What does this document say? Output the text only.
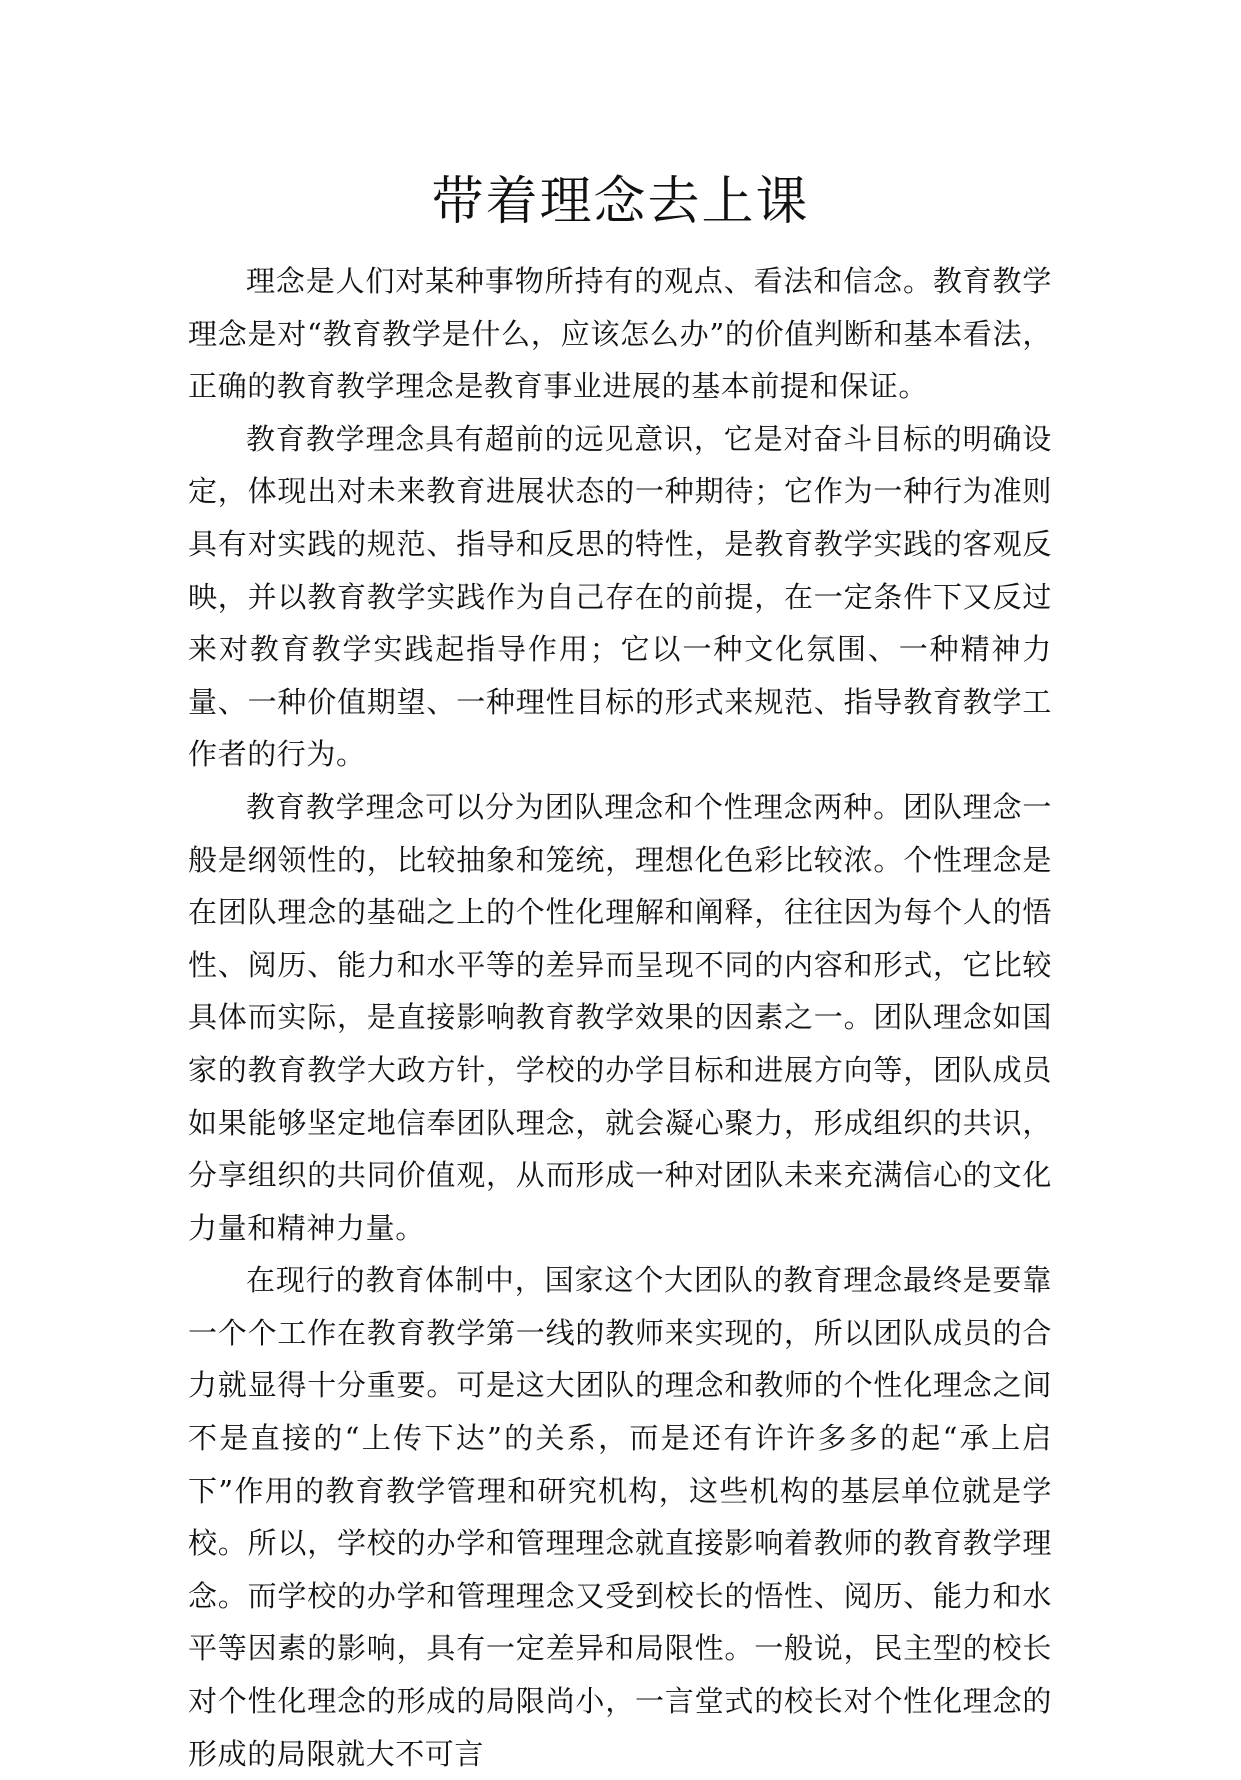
带着理念去上课

理念是人们对某种事物所持有的观点、看法和信念。教育教学理念是对“教育教学是什么，应该怎么办”的价值判断和基本看法，正确的教育教学理念是教育事业进展的基本前提和保证。

教育教学理念具有超前的远见意识，它是对奋斗目标的明确设定，体现出对未来教育进展状态的一种期待；它作为一种行为准则具有对实践的规范、指导和反思的特性，是教育教学实践的客观反映，并以教育教学实践作为自己存在的前提，在一定条件下又反过来对教育教学实践起指导作用；它以一种文化氛围、一种精神力量、一种价值期望、一种理性目标的形式来规范、指导教育教学工作者的行为。

教育教学理念可以分为团队理念和个性理念两种。团队理念一般是纲领性的，比较抽象和笼统，理想化色彩比较浓。个性理念是在团队理念的基础之上的个性化理解和阐释，往往因为每个人的悟性、阅历、能力和水平等的差异而呈现不同的内容和形式，它比较具体而实际，是直接影响教育教学效果的因素之一。团队理念如国家的教育教学大政方针，学校的办学目标和进展方向等，团队成员如果能够坚定地信奉团队理念，就会凝心聚力，形成组织的共识，分享组织的共同价值观，从而形成一种对团队未来充满信心的文化力量和精神力量。

在现行的教育体制中，国家这个大团队的教育理念最终是要靠一个个工作在教育教学第一线的教师来实现的，所以团队成员的合力就显得十分重要。可是这大团队的理念和教师的个性化理念之间不是直接的“上传下达”的关系，而是还有许许多多的起“承上启下”作用的教育教学管理和研究机构，这些机构的基层单位就是学校。所以，学校的办学和管理理念就直接影响着教师的教育教学理念。而学校的办学和管理理念又受到校长的悟性、阅历、能力和水平等因素的影响，具有一定差异和局限性。一般说，民主型的校长对个性化理念的形成的局限尚小，一言堂式的校长对个性化理念的形成的局限就大不可言
